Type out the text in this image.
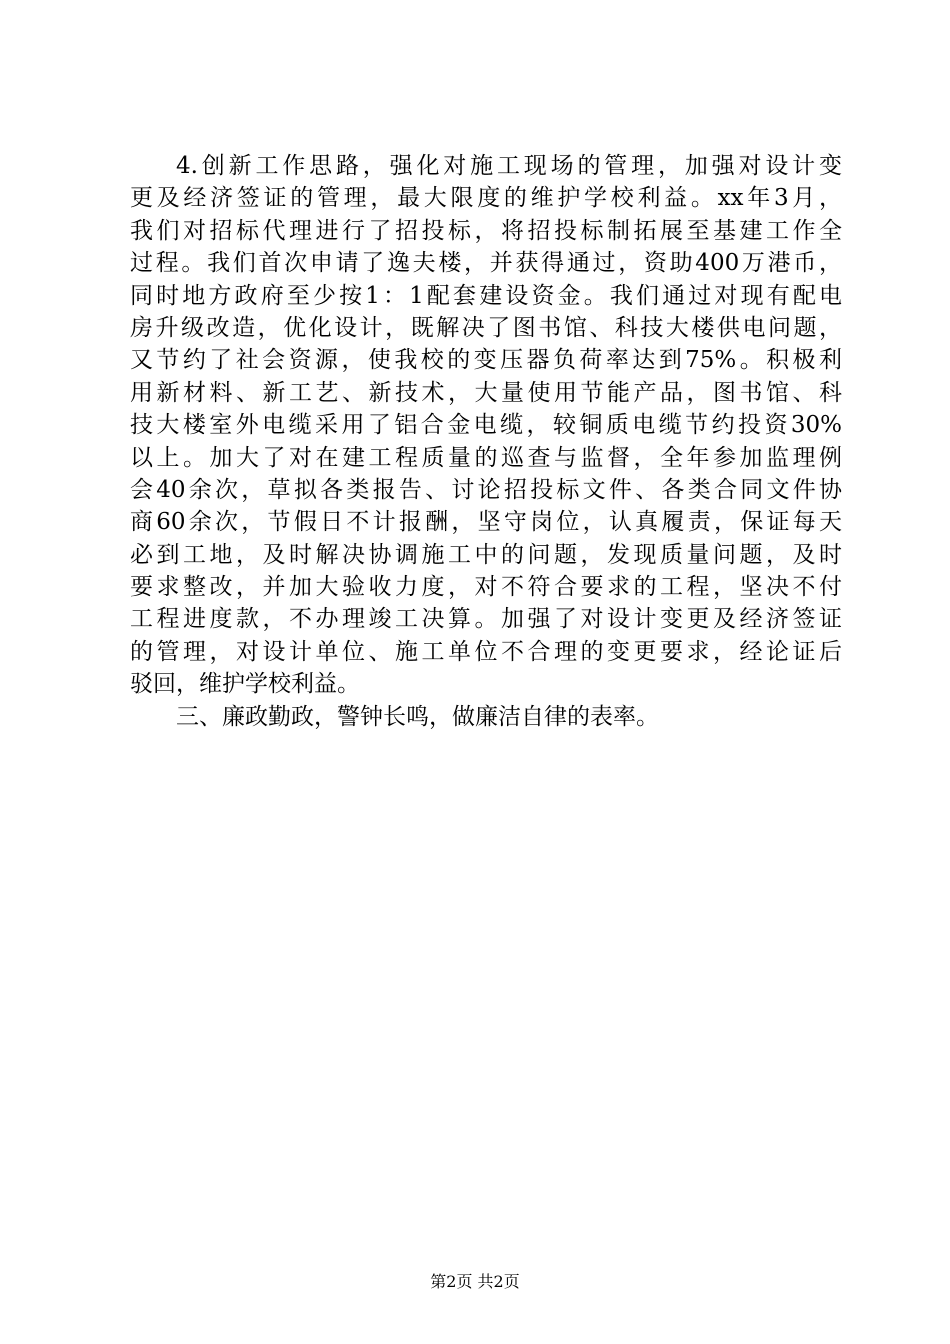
4.创新工作思路，强化对施工现场的管理，加强对设计变
更及经济签证的管理，最大限度的维护学校利益。xx年3月，
我们对招标代理进行了招投标，将招投标制拓展至基建工作全
过程。我们首次申请了逸夫楼，并获得通过，资助400万港币，
同时地方政府至少按1：1配套建设资金。我们通过对现有配电
房升级改造，优化设计，既解决了图书馆、科技大楼供电问题，
又节约了社会资源，使我校的变压器负荷率达到75%。积极利
用新材料、新工艺、新技术，大量使用节能产品，图书馆、科
技大楼室外电缆采用了铝合金电缆，较铜质电缆节约投资30%
以上。加大了对在建工程质量的巡查与监督，全年参加监理例
会40余次，草拟各类报告、讨论招投标文件、各类合同文件协
商60余次，节假日不计报酬，坚守岗位，认真履责，保证每天
必到工地，及时解决协调施工中的问题，发现质量问题，及时
要求整改，并加大验收力度，对不符合要求的工程，坚决不付
工程进度款，不办理竣工决算。加强了对设计变更及经济签证
的管理，对设计单位、施工单位不合理的变更要求，经论证后
驳回，维护学校利益。
三、廉政勤政，警钟长鸣，做廉洁自律的表率。
第2页 共2页
